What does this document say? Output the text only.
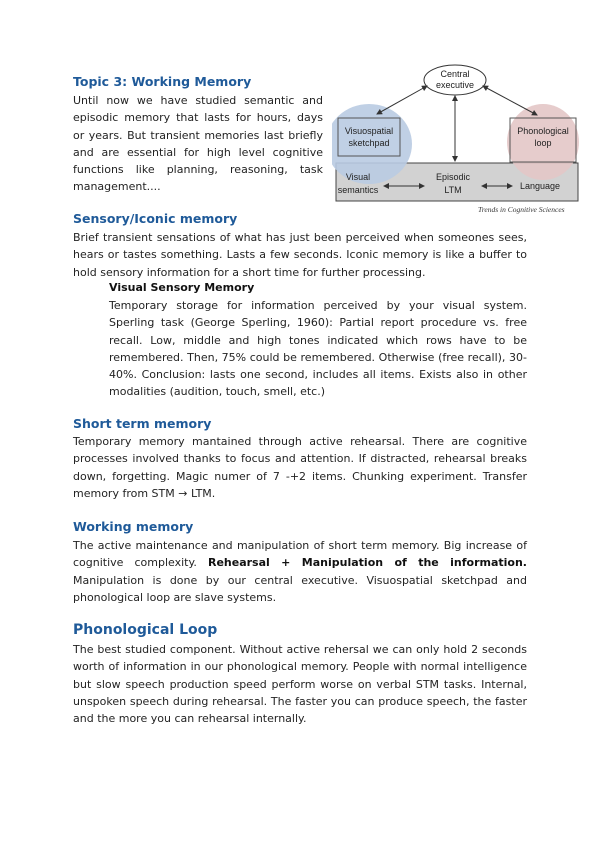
Topic 3: Working Memory

Until now we have studied semantic and episodic memory that lasts for hours, days or years. But transient memories last briefly and are essential for high level cognitive functions like planning, reasoning, task management....

Central
executive
Visuospatial
sketchpad
Phonological
loop
Visual
semantics
Episodic
LTM	Language
Trends in Cognitive Sciences
Sensory/Iconic memory

Brief transient sensations of what has just been perceived when someones sees, hears or tastes something. Lasts a few seconds. Iconic memory is like a buffer to hold sensory information for a short time for further processing.

Visual Sensory Memory

Temporary storage for information perceived by your visual system. Sperling task (George Sperling, 1960): Partial report procedure vs. free recall. Low, middle and high tones indicated which rows have to be remembered. Then, 75% could be remembered. Otherwise (free recall), 30-40%. Conclusion: lasts one second, includes all items. Exists also in other modalities (audition, touch, smell, etc.)

Short term memory

Temporary memory mantained through active rehearsal. There are cognitive processes involved thanks to focus and attention. If distracted, rehearsal breaks down, forgetting. Magic numer of 7 -+2 items. Chunking experiment. Transfer memory from STM → LTM.

Working memory

The active maintenance and manipulation of short term memory. Big increase of cognitive complexity. Rehearsal + Manipulation of the information. Manipulation is done by our central executive. Visuospatial sketchpad and phonological loop are slave systems.

Phonological Loop

The best studied component. Without active rehersal we can only hold 2 seconds worth of information in our phonological memory. People with normal intelligence but slow speech production speed perform worse on verbal STM tasks. Internal, unspoken speech during rehearsal. The faster you can produce speech, the faster and the more you can rehearsal internally.
